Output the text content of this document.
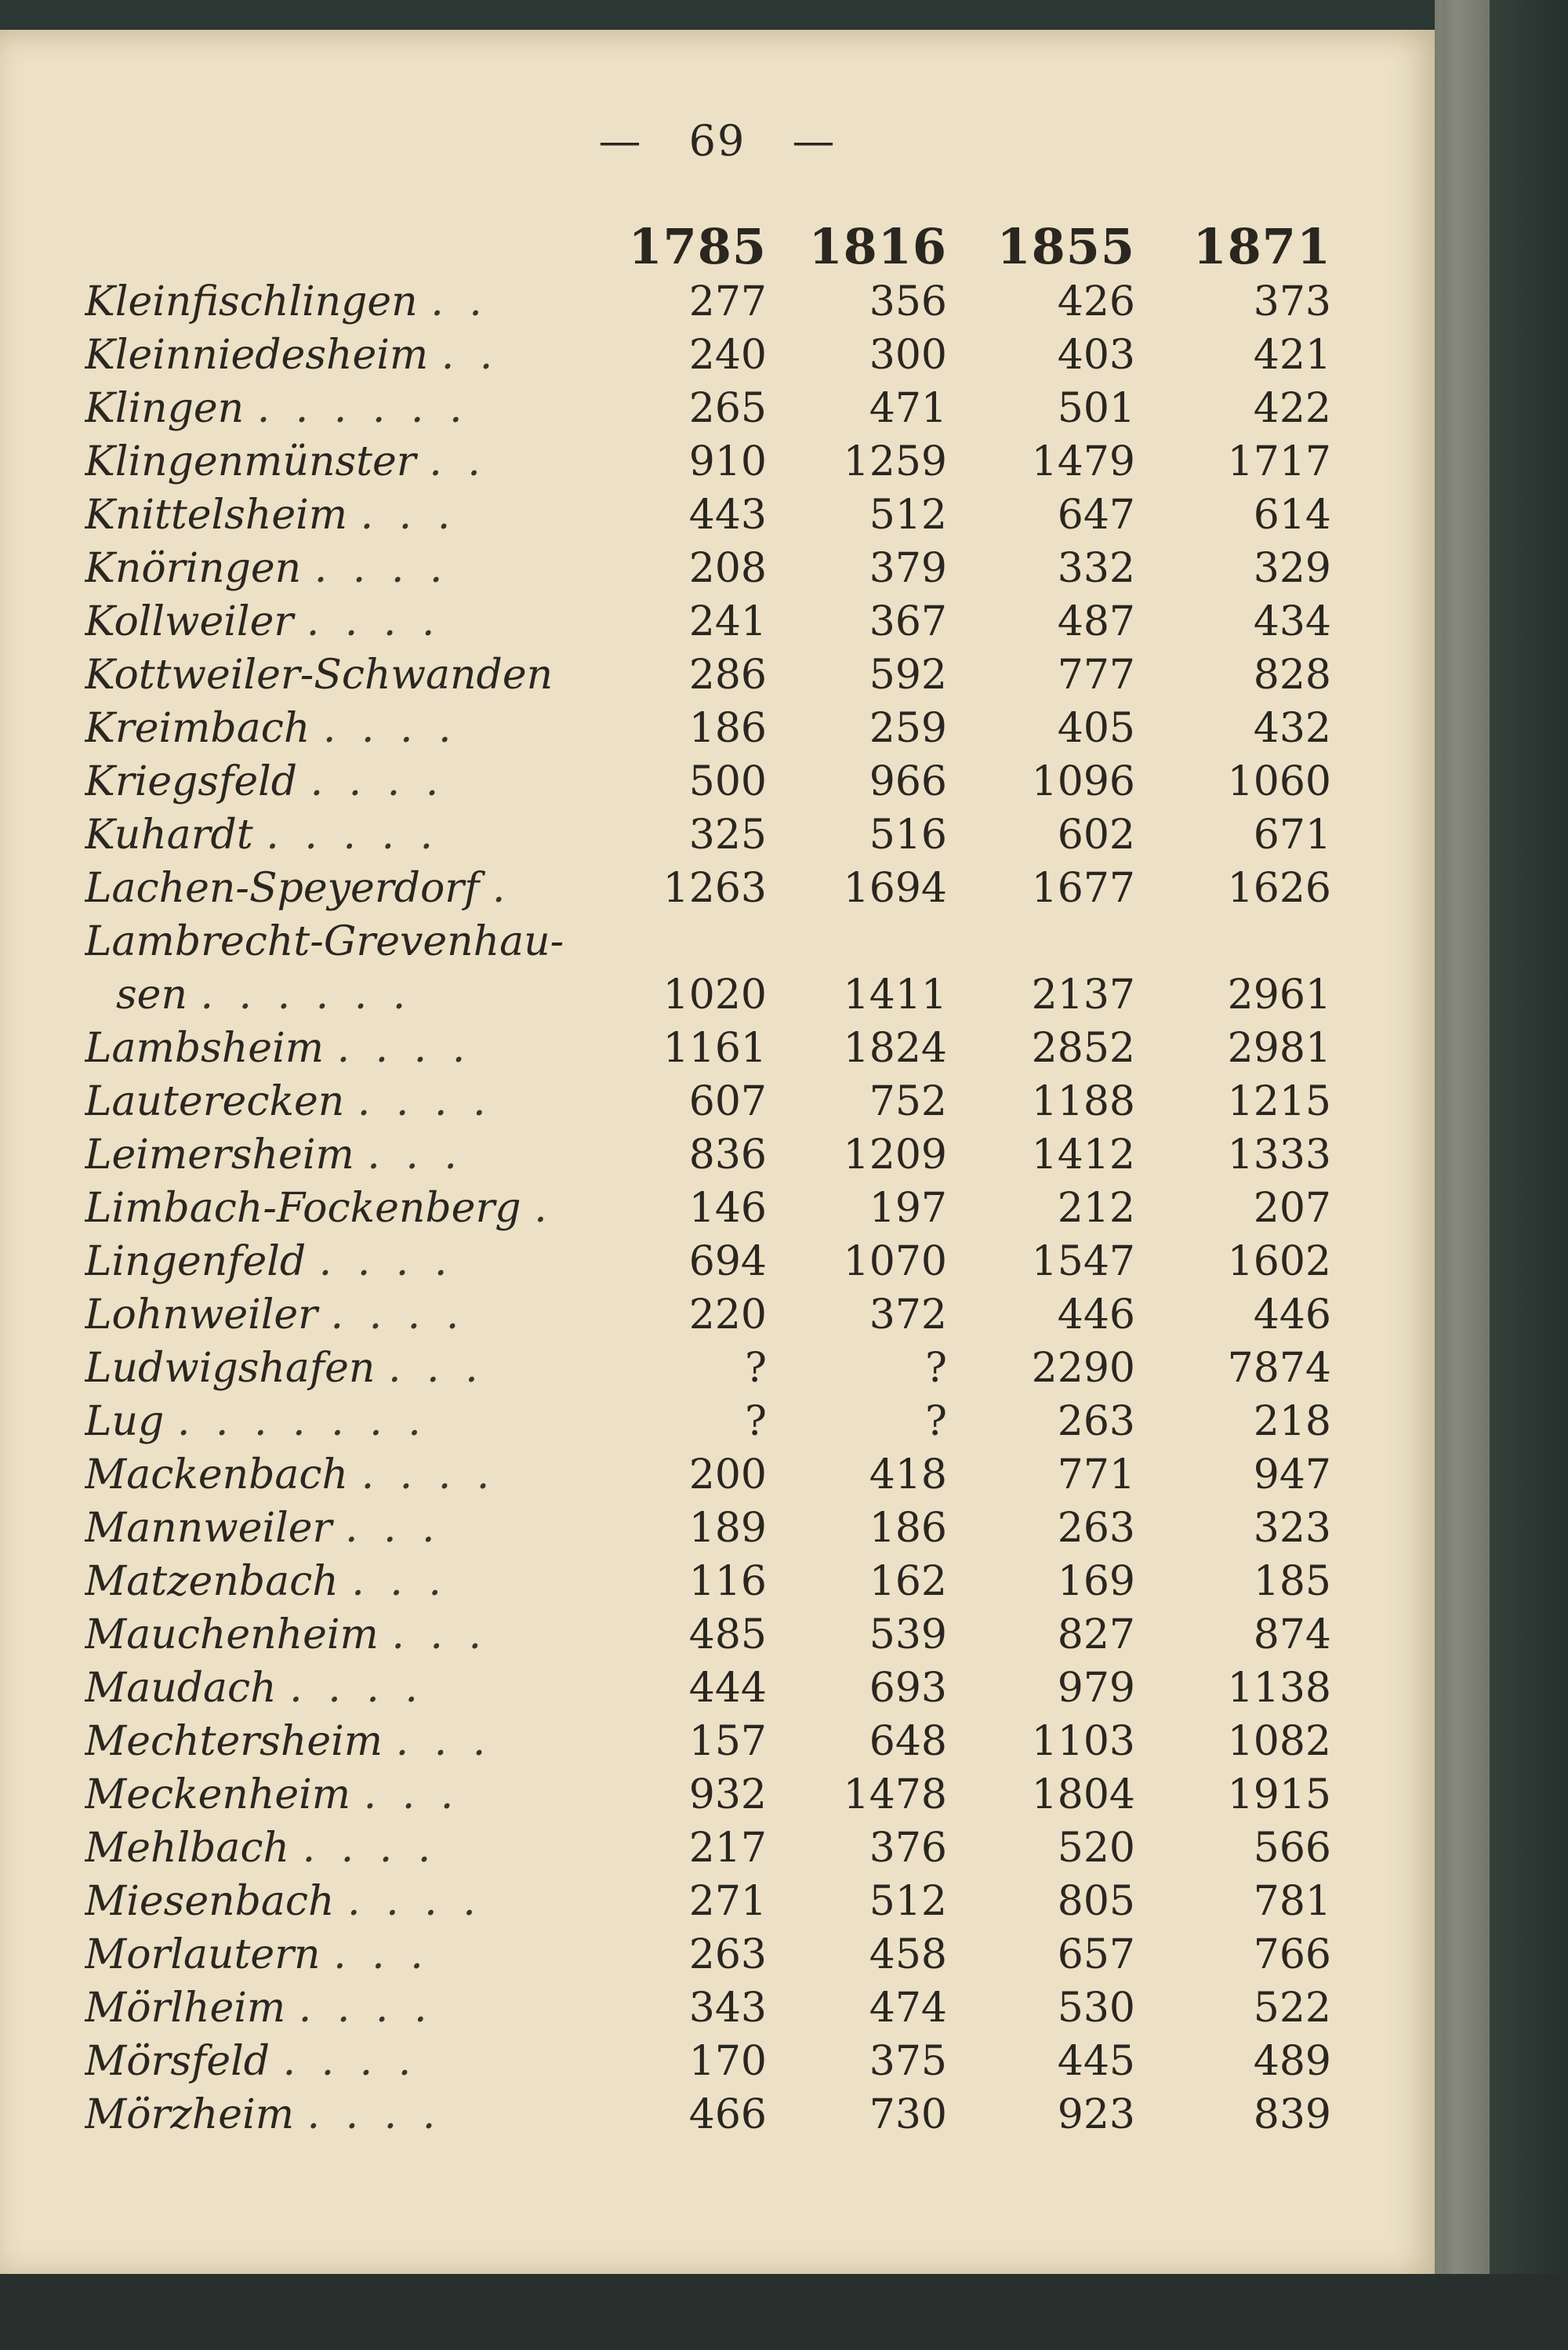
— 69 —
	1785	1816	1855	1871
Kleinfischlingen . .	277	356	426	373
Kleinniedesheim . .	240	300	403	421
Klingen . . . . . .	265	471	501	422
Klingenmünster . .	910	1259	1479	1717
Knittelsheim . . .	443	512	647	614
Knöringen . . . .	208	379	332	329
Kollweiler . . . .	241	367	487	434
Kottweiler-Schwanden	286	592	777	828
Kreimbach . . . .	186	259	405	432
Kriegsfeld . . . .	500	966	1096	1060
Kuhardt . . . . .	325	516	602	671
Lachen-Speyerdorf .	1263	1694	1677	1626
Lambrecht-Grevenhau-				
sen . . . . . .	1020	1411	2137	2961
Lambsheim . . . .	1161	1824	2852	2981
Lauterecken . . . .	607	752	1188	1215
Leimersheim . . .	836	1209	1412	1333
Limbach-Fockenberg .	146	197	212	207
Lingenfeld . . . .	694	1070	1547	1602
Lohnweiler . . . .	220	372	446	446
Ludwigshafen . . .	?	?	2290	7874
Lug . . . . . . .	?	?	263	218
Mackenbach . . . .	200	418	771	947
Mannweiler . . .	189	186	263	323
Matzenbach . . .	116	162	169	185
Mauchenheim . . .	485	539	827	874
Maudach . . . .	444	693	979	1138
Mechtersheim . . .	157	648	1103	1082
Meckenheim . . .	932	1478	1804	1915
Mehlbach . . . .	217	376	520	566
Miesenbach . . . .	271	512	805	781
Morlautern . . .	263	458	657	766
Mörlheim . . . .	343	474	530	522
Mörsfeld . . . .	170	375	445	489
Mörzheim . . . .	466	730	923	839
